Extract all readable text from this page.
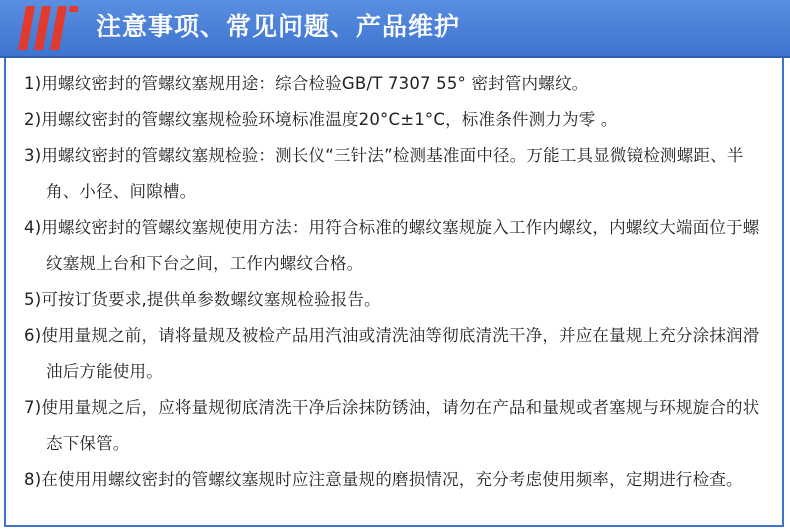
注意事项、常见问题、产品维护
1)用螺纹密封的管螺纹塞规用途：综合检验GB/T 7307 55° 密封管内螺纹。
2)用螺纹密封的管螺纹塞规检验环境标准温度20°C±1°C，标准条件测力为零 。
3)用螺纹密封的管螺纹塞规检验：测长仪“三针法”检测基准面中径。万能工具显微镜检测螺距、半角、小径、间隙槽。
4)用螺纹密封的管螺纹塞规使用方法：用符合标准的螺纹塞规旋入工作内螺纹，内螺纹大端面位于螺纹塞规上台和下台之间，工作内螺纹合格。
5)可按订货要求,提供单参数螺纹塞规检验报告。
6)使用量规之前，请将量规及被检产品用汽油或清洗油等彻底清洗干净，并应在量规上充分涂抹润滑油后方能使用。
7)使用量规之后，应将量规彻底清洗干净后涂抹防锈油，请勿在产品和量规或者塞规与环规旋合的状态下保管。
8)在使用用螺纹密封的管螺纹塞规时应注意量规的磨损情况，充分考虑使用频率，定期进行检查。
